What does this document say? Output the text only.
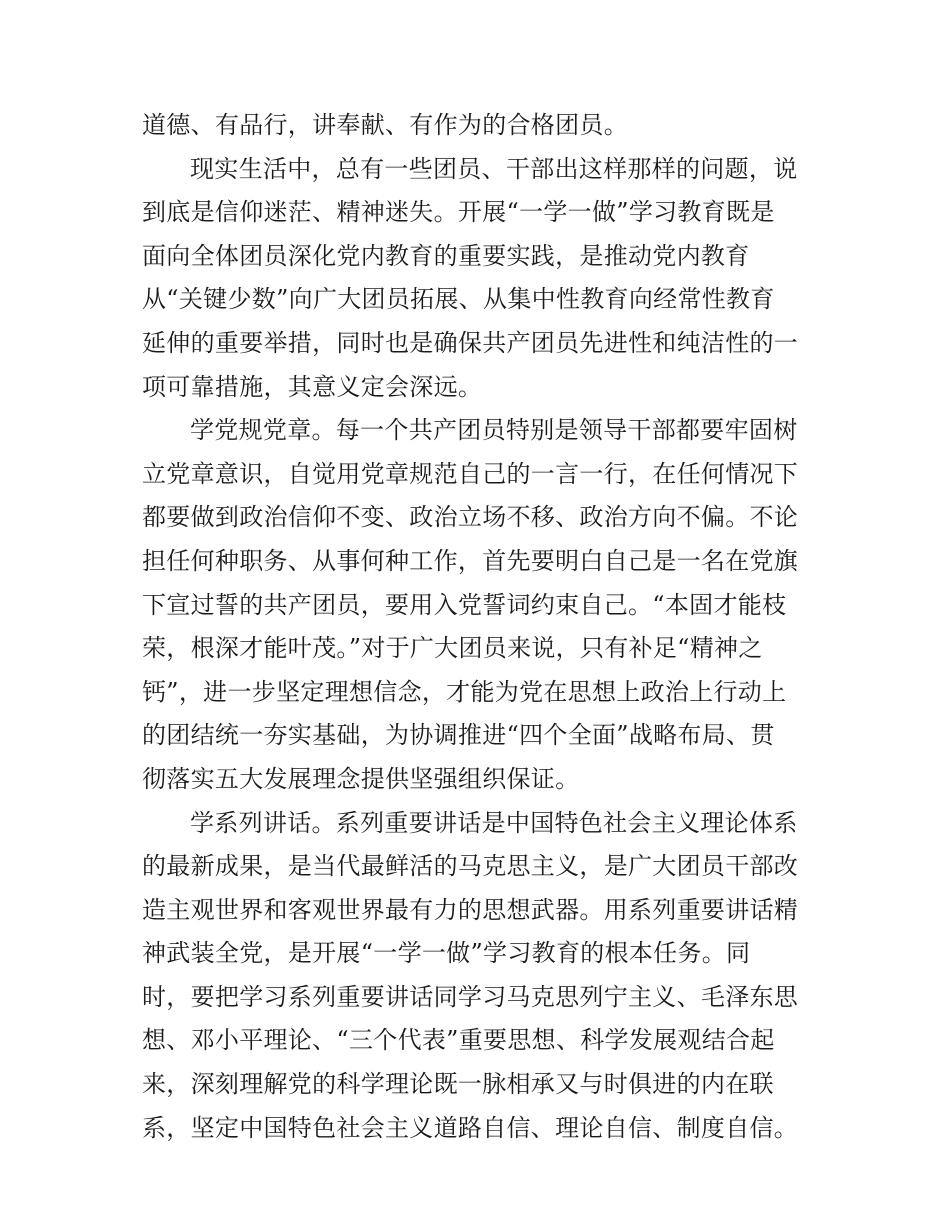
道德、有品行，讲奉献、有作为的合格团员。
现实生活中，总有一些团员、干部出这样那样的问题，说
到底是信仰迷茫、精神迷失。开展“一学一做”学习教育既是
面向全体团员深化党内教育的重要实践，是推动党内教育
从“关键少数”向广大团员拓展、从集中性教育向经常性教育
延伸的重要举措，同时也是确保共产团员先进性和纯洁性的一
项可靠措施，其意义定会深远。
学党规党章。每一个共产团员特别是领导干部都要牢固树
立党章意识，自觉用党章规范自己的一言一行，在任何情况下
都要做到政治信仰不变、政治立场不移、政治方向不偏。不论
担任何种职务、从事何种工作，首先要明白自己是一名在党旗
下宣过誓的共产团员，要用入党誓词约束自己。“本固才能枝
荣，根深才能叶茂。”对于广大团员来说，只有补足“精神之
钙”，进一步坚定理想信念，才能为党在思想上政治上行动上
的团结统一夯实基础，为协调推进“四个全面”战略布局、贯
彻落实五大发展理念提供坚强组织保证。
学系列讲话。系列重要讲话是中国特色社会主义理论体系
的最新成果，是当代最鲜活的马克思主义，是广大团员干部改
造主观世界和客观世界最有力的思想武器。用系列重要讲话精
神武装全党，是开展“一学一做”学习教育的根本任务。同
时，要把学习系列重要讲话同学习马克思列宁主义、毛泽东思
想、邓小平理论、“三个代表”重要思想、科学发展观结合起
来，深刻理解党的科学理论既一脉相承又与时俱进的内在联
系，坚定中国特色社会主义道路自信、理论自信、制度自信。
